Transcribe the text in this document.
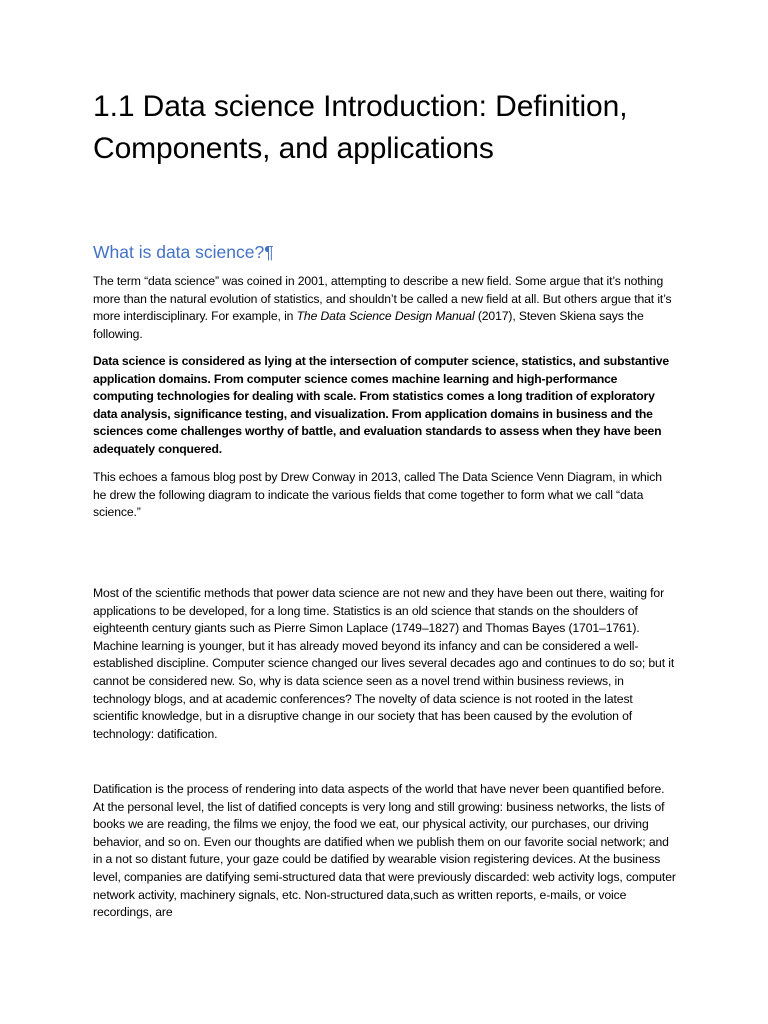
1.1 Data science Introduction: Definition, Components, and applications
What is data science?¶

The term “data science” was coined in 2001, attempting to describe a new field. Some argue that it’s nothing more than the natural evolution of statistics, and shouldn’t be called a new field at all. But others argue that it’s more interdisciplinary. For example, in The Data Science Design Manual (2017), Steven Skiena says the following.

Data science is considered as lying at the intersection of computer science, statistics, and substantive application domains. From computer science comes machine learning and high-performance computing technologies for dealing with scale. From statistics comes a long tradition of exploratory data analysis, significance testing, and visualization. From application domains in business and the sciences come challenges worthy of battle, and evaluation standards to assess when they have been adequately conquered.

This echoes a famous blog post by Drew Conway in 2013, called The Data Science Venn Diagram, in which he drew the following diagram to indicate the various fields that come together to form what we call “data science.”

Most of the scientific methods that power data science are not new and they have been out there, waiting for applications to be developed, for a long time. Statistics is an old science that stands on the shoulders of eighteenth century giants such as Pierre Simon Laplace (1749–1827) and Thomas Bayes (1701–1761). Machine learning is younger, but it has already moved beyond its infancy and can be considered a well- established discipline. Computer science changed our lives several decades ago and continues to do so; but it cannot be considered new. So, why is data science seen as a novel trend within business reviews, in technology blogs, and at academic conferences? The novelty of data science is not rooted in the latest scientific knowledge, but in a disruptive change in our society that has been caused by the evolution of technology: datification.

Datification is the process of rendering into data aspects of the world that have never been quantified before. At the personal level, the list of datified concepts is very long and still growing: business networks, the lists of books we are reading, the films we enjoy, the food we eat, our physical activity, our purchases, our driving behavior, and so on. Even our thoughts are datified when we publish them on our favorite social network; and in a not so distant future, your gaze could be datified by wearable vision registering devices. At the business level, companies are datifying semi-structured data that were previously discarded: web activity logs, computer network activity, machinery signals, etc. Non-structured data,such as written reports, e-mails, or voice recordings, are
